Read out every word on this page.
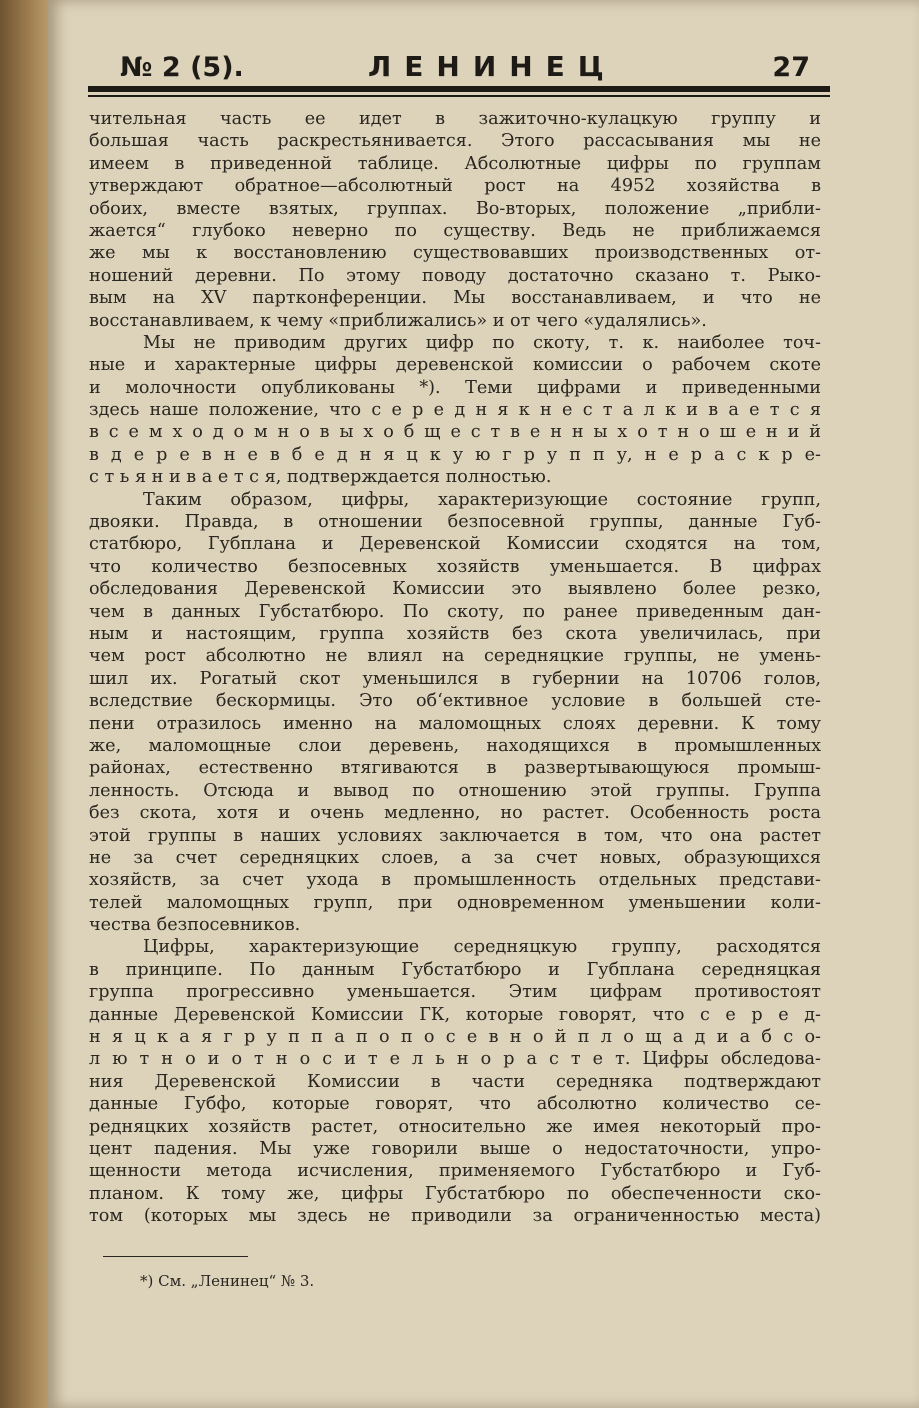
№ 2 (5).	ЛЕНИНЕЦ	27
чительная часть ее идет в зажиточно-кулацкую группу и
большая часть раскрестьянивается. Этого рассасывания мы не
имеем в приведенной таблице. Абсолютные цифры по группам
утверждают обратное—абсолютный рост на 4952 хозяйства в
обоих, вместе взятых, группах. Во-вторых, положение „прибли-
жается“ глубоко неверно по существу. Ведь не приближаемся
же мы к восстановлению существовавших производственных от-
ношений деревни. По этому поводу достаточно сказано т. Рыко-
вым на XV партконференции. Мы восстанавливаем, и что не
восстанавливаем, к чему «приближались» и от чего «удалялись».
Мы не приводим других цифр по скоту, т. к. наиболее точ-
ные и характерные цифры деревенской комиссии о рабочем скоте
и молочности опубликованы *). Теми цифрами и приведенными
здесь наше положение, что с е р е д н я к н е с т а л к и в а е т с я
в с е м х о д о м н о в ы х о б щ е с т в е н н ы х о т н о ш е н и й
в д е р е в н е в б е д н я ц к у ю г р у п п у, н е р а с к р е-
с т ь я н и в а е т с я, подтверждается полностью.
Таким образом, цифры, характеризующие состояние групп,
двояки. Правда, в отношении безпосевной группы, данные Губ-
статбюро, Губплана и Деревенской Комиссии сходятся на том,
что количество безпосевных хозяйств уменьшается. В цифрах
обследования Деревенской Комиссии это выявлено более резко,
чем в данных Губстатбюро. По скоту, по ранее приведенным дан-
ным и настоящим, группа хозяйств без скота увеличилась, при
чем рост абсолютно не влиял на середняцкие группы, не умень-
шил их. Рогатый скот уменьшился в губернии на 10706 голов,
вследствие бескормицы. Это об‘ективное условие в большей сте-
пени отразилось именно на маломощных слоях деревни. К тому
же, маломощные слои деревень, находящихся в промышленных
районах, естественно втягиваются в развертывающуюся промыш-
ленность. Отсюда и вывод по отношению этой группы. Группа
без скота, хотя и очень медленно, но растет. Особенность роста
этой группы в наших условиях заключается в том, что она растет
не за счет середняцких слоев, а за счет новых, образующихся
хозяйств, за счет ухода в промышленность отдельных представи-
телей маломощных групп, при одновременном уменьшении коли-
чества безпосевников.
Цифры, характеризующие середняцкую группу, расходятся
в принципе. По данным Губстатбюро и Губплана середняцкая
группа прогрессивно уменьшается. Этим цифрам противостоят
данные Деревенской Комиссии ГК, которые говорят, что с е р е д-
н я ц к а я г р у п п а п о п о с е в н о й п л о щ а д и а б с о-
л ю т н о и о т н о с и т е л ь н о р а с т е т. Цифры обследова-
ния Деревенской Комиссии в части середняка подтверждают
данные Губфо, которые говорят, что абсолютно количество се-
редняцких хозяйств растет, относительно же имея некоторый про-
цент падения. Мы уже говорили выше о недостаточности, упро-
щенности метода исчисления, применяемого Губстатбюро и Губ-
планом. К тому же, цифры Губстатбюро по обеспеченности ско-
том (которых мы здесь не приводили за ограниченностью места)
*) См. „Ленинец“ № 3.
